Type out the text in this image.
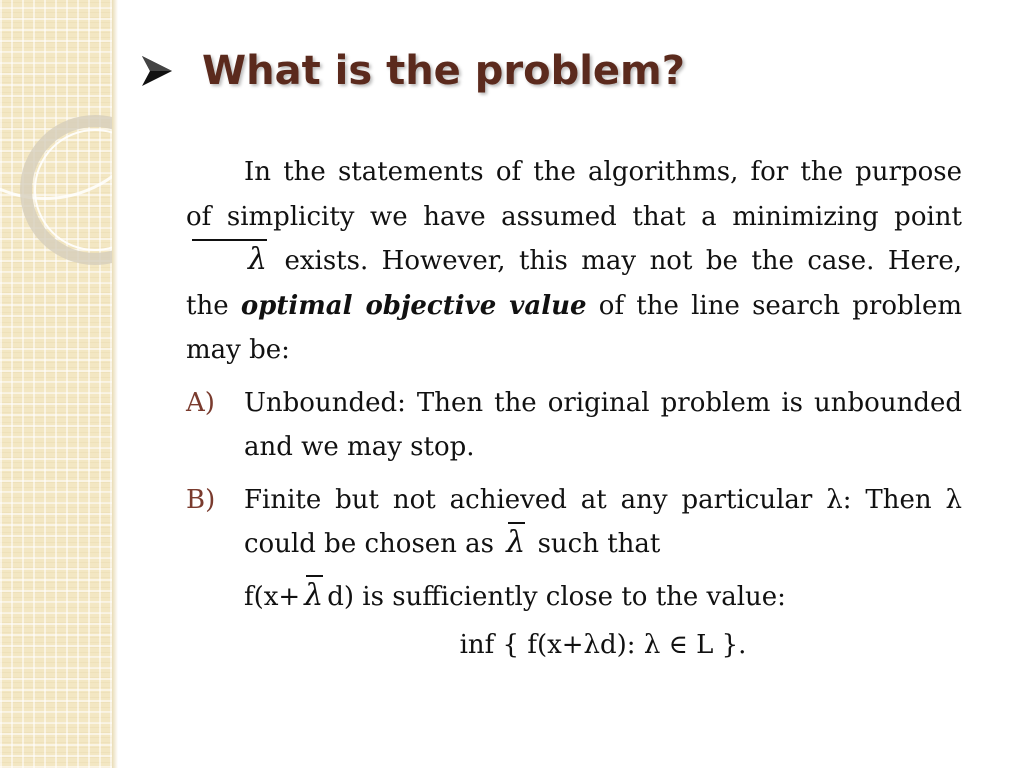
What is the problem?

In the statements of the algorithms, for the purpose of simplicity we have assumed that a minimizing point λ exists. However, this may not be the case. Here, the optimal objective value of the line search problem may be:

A)	Unbounded: Then the original problem is unbounded and we may stop.
B)	Finite but not achieved at any particular λ: Then λ could be chosen as λ such that
f(x+ λ d) is sufficiently close to the value:
inf { f(x+λd): λ ∈ L }.
